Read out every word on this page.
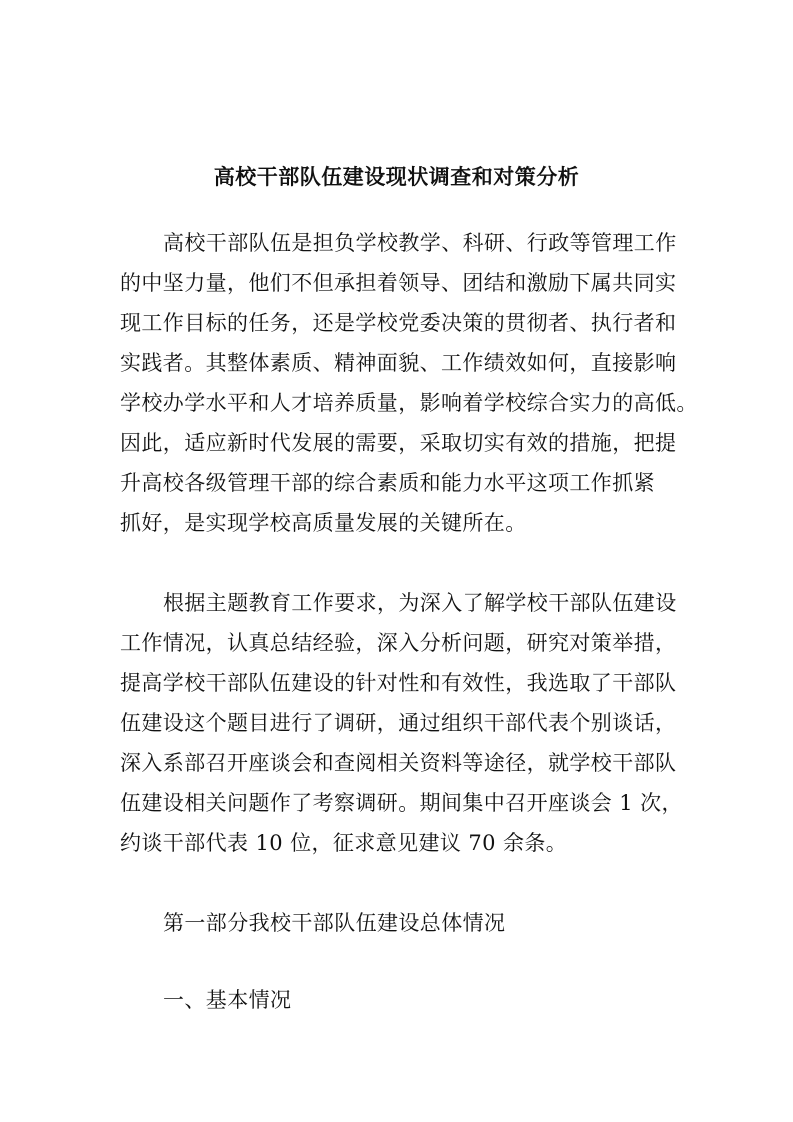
高校干部队伍建设现状调查和对策分析
高校干部队伍是担负学校教学、科研、行政等管理工作
的中坚力量，他们不但承担着领导、团结和激励下属共同实
现工作目标的任务，还是学校党委决策的贯彻者、执行者和
实践者。其整体素质、精神面貌、工作绩效如何，直接影响
学校办学水平和人才培养质量，影响着学校综合实力的高低。
因此，适应新时代发展的需要，采取切实有效的措施，把提
升高校各级管理干部的综合素质和能力水平这项工作抓紧
抓好，是实现学校高质量发展的关键所在。
根据主题教育工作要求，为深入了解学校干部队伍建设
工作情况，认真总结经验，深入分析问题，研究对策举措，
提高学校干部队伍建设的针对性和有效性，我选取了干部队
伍建设这个题目进行了调研，通过组织干部代表个别谈话，
深入系部召开座谈会和查阅相关资料等途径，就学校干部队
伍建设相关问题作了考察调研。期间集中召开座谈会 1 次，
约谈干部代表 10 位，征求意见建议 70 余条。
第一部分我校干部队伍建设总体情况
一、基本情况
